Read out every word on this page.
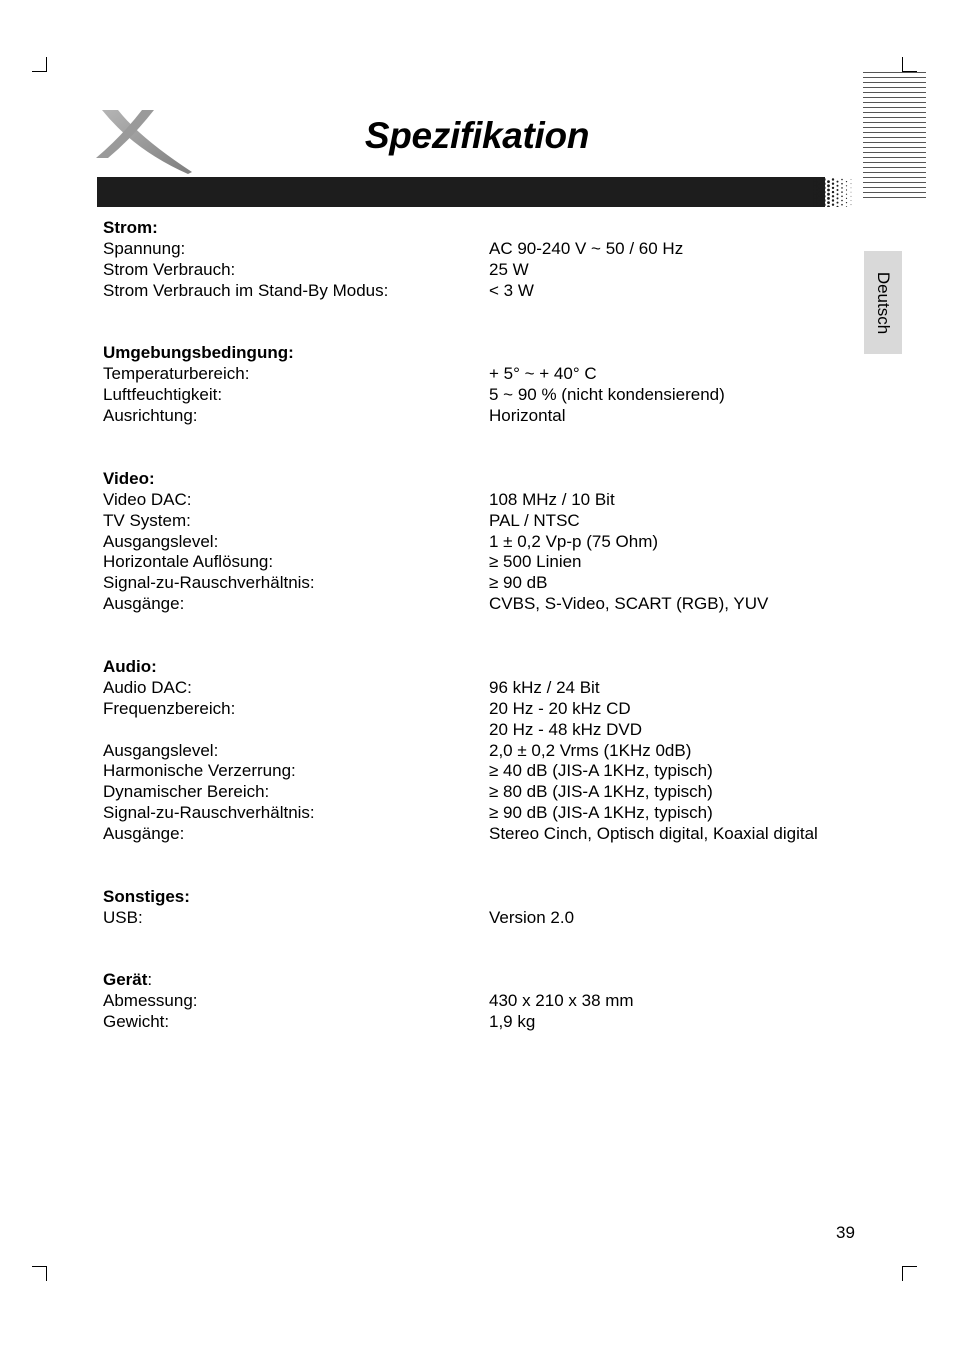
Spezifikation
Deutsch
Strom:
Spannung:	AC 90-240 V ~ 50 / 60 Hz
Strom Verbrauch:	25 W
Strom Verbrauch im Stand-By Modus:	< 3 W
Umgebungsbedingung:
Temperaturbereich:	+ 5° ~ + 40° C
Luftfeuchtigkeit:	5 ~ 90 % (nicht kondensierend)
Ausrichtung:	Horizontal
Video:
Video DAC:	108 MHz / 10 Bit
TV System:	PAL / NTSC
Ausgangslevel:	1 ± 0,2 Vp-p (75 Ohm)
Horizontale Auflösung:	≥ 500 Linien
Signal-zu-Rauschverhältnis:	≥ 90 dB
Ausgänge:	CVBS, S-Video, SCART (RGB), YUV
Audio:
Audio DAC:	96 kHz / 24 Bit
Frequenzbereich:	20 Hz - 20 kHz CD
20 Hz - 48 kHz DVD
Ausgangslevel:	2,0 ± 0,2 Vrms (1KHz 0dB)
Harmonische Verzerrung:	≥ 40 dB (JIS-A 1KHz, typisch)
Dynamischer Bereich:	≥ 80 dB (JIS-A 1KHz, typisch)
Signal-zu-Rauschverhältnis:	≥ 90 dB (JIS-A 1KHz, typisch)
Ausgänge:	Stereo Cinch, Optisch digital, Koaxial digital
Sonstiges:
USB:	Version 2.0
Gerät:
Abmessung:	430 x 210 x 38 mm
Gewicht:	1,9 kg
39
